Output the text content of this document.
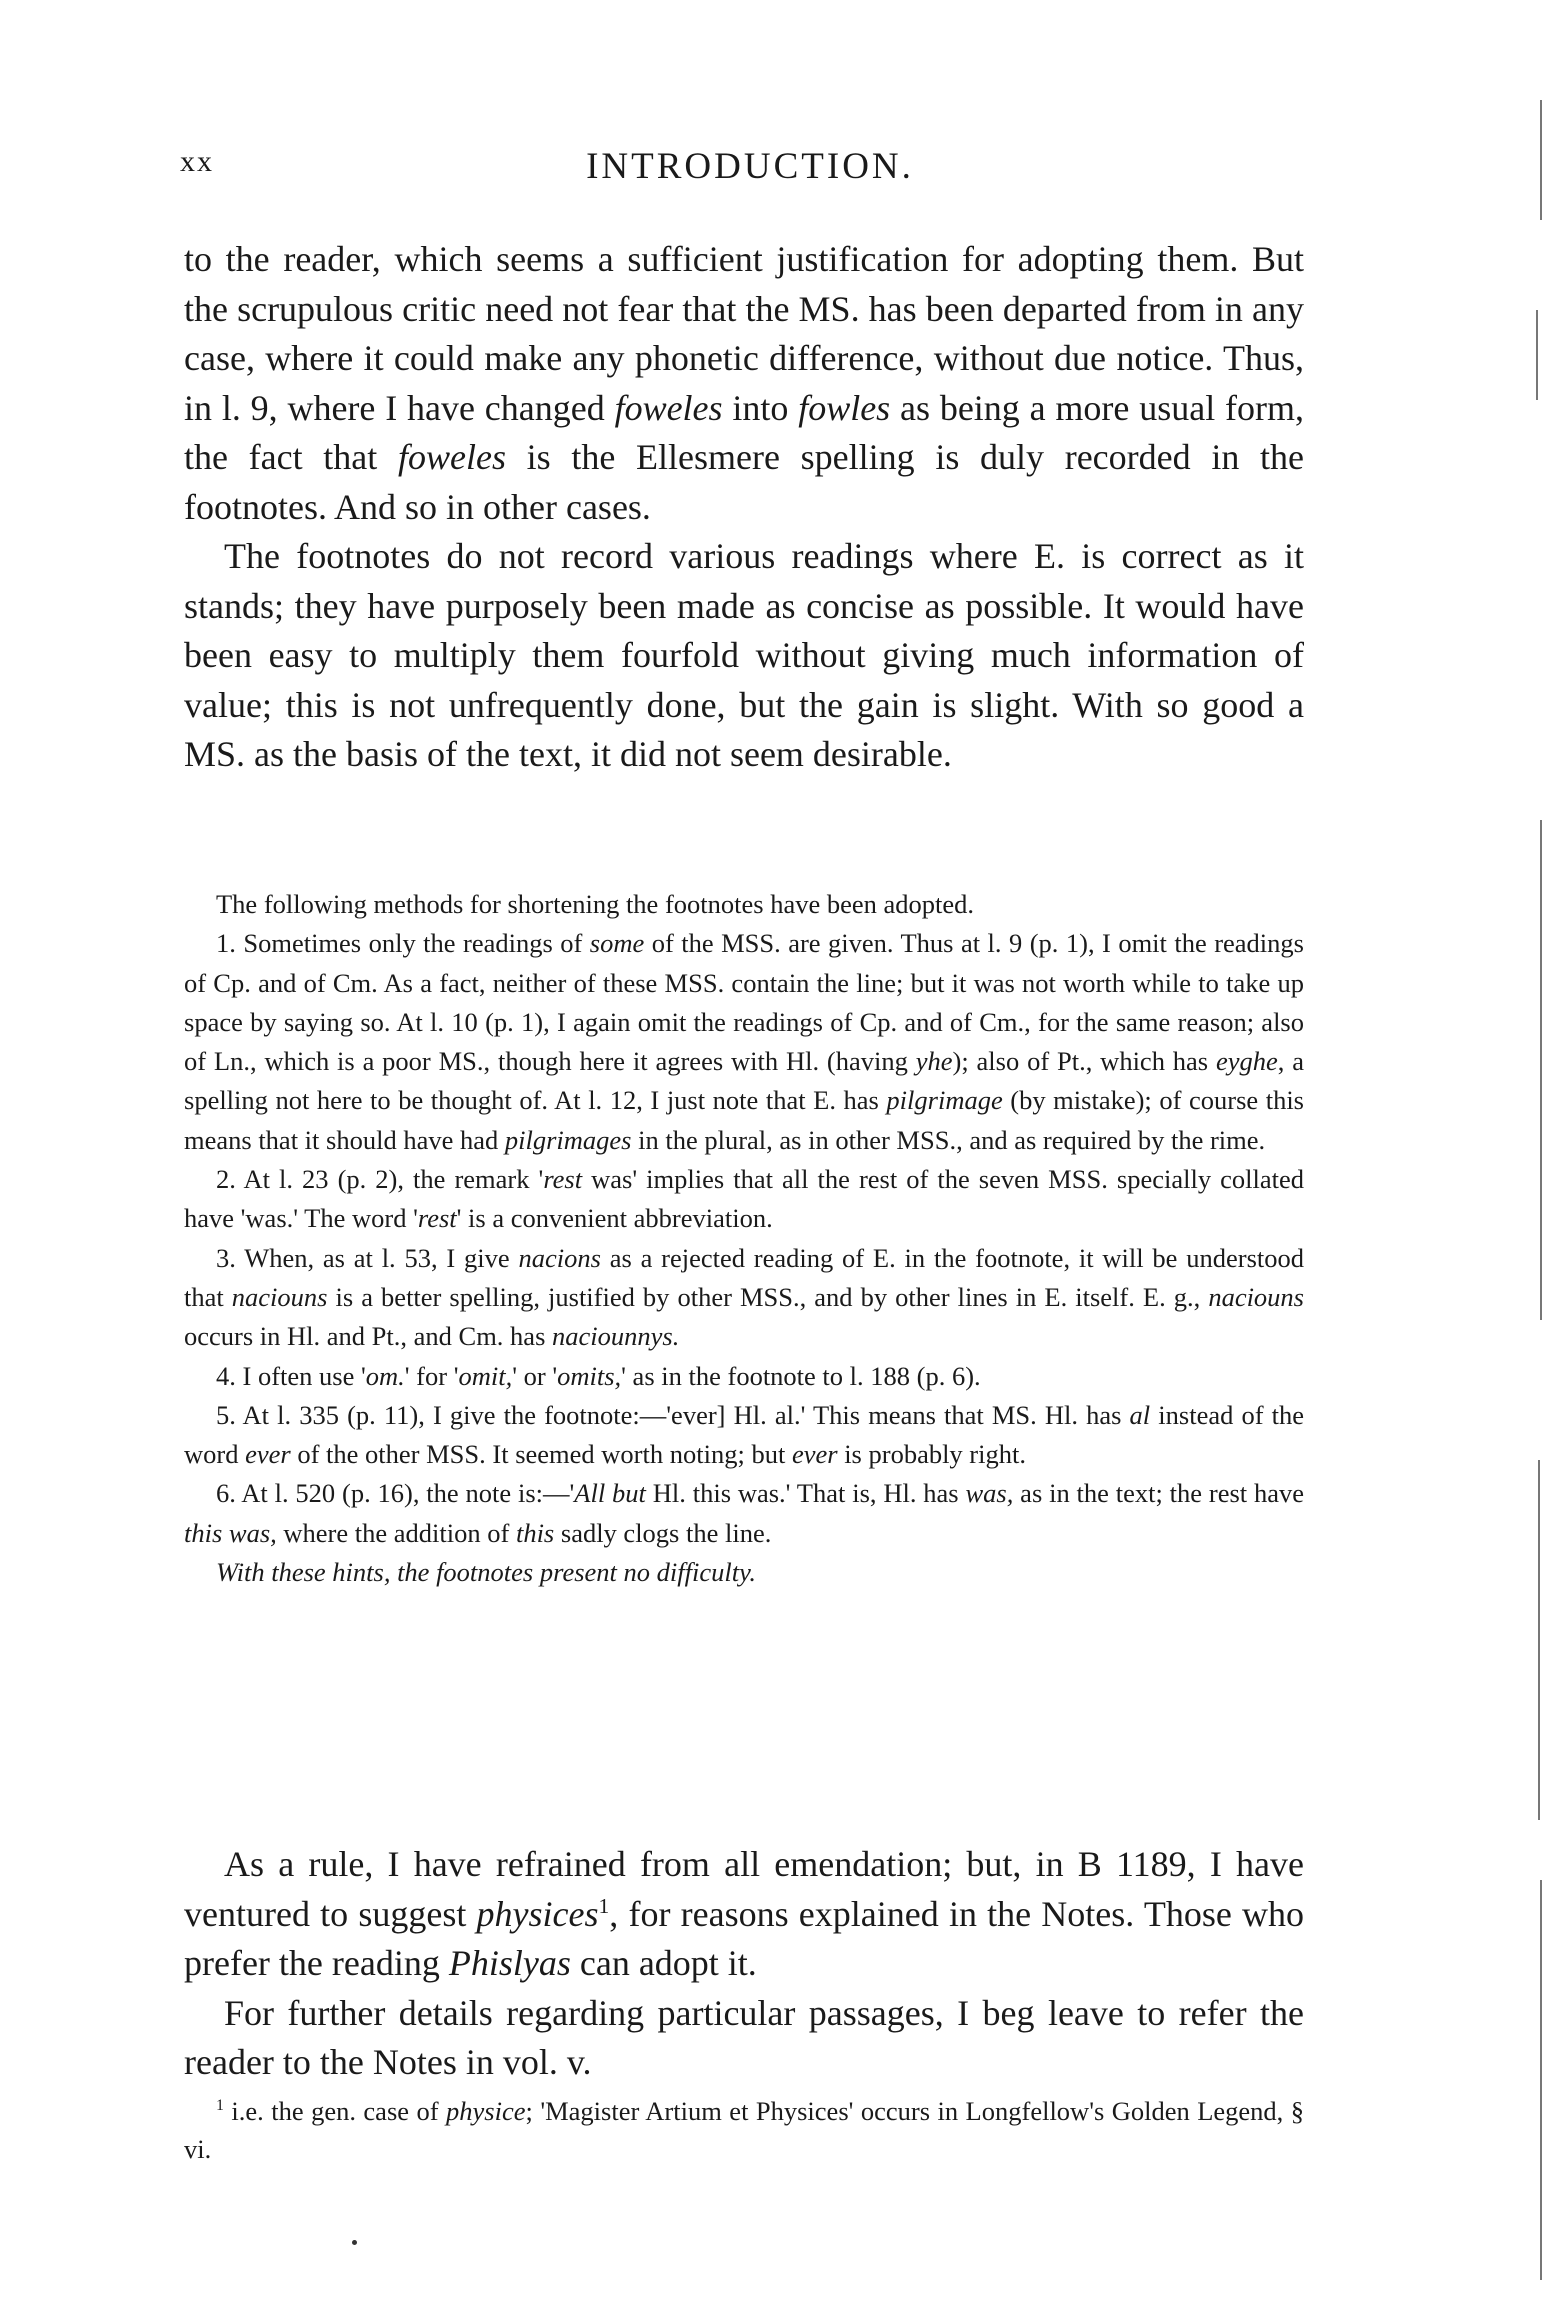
xx	INTRODUCTION.

to the reader, which seems a sufficient justification for adopting them. But the scrupulous critic need not fear that the MS. has been departed from in any case, where it could make any phonetic difference, without due notice. Thus, in l. 9, where I have changed foweles into fowles as being a more usual form, the fact that foweles is the Ellesmere spelling is duly recorded in the footnotes. And so in other cases.

The footnotes do not record various readings where E. is correct as it stands; they have purposely been made as concise as possible. It would have been easy to multiply them fourfold without giving much information of value; this is not unfrequently done, but the gain is slight. With so good a MS. as the basis of the text, it did not seem desirable.

The following methods for shortening the footnotes have been adopted.

1. Sometimes only the readings of some of the MSS. are given. Thus at l. 9 (p. 1), I omit the readings of Cp. and of Cm. As a fact, neither of these MSS. contain the line; but it was not worth while to take up space by saying so. At l. 10 (p. 1), I again omit the readings of Cp. and of Cm., for the same reason; also of Ln., which is a poor MS., though here it agrees with Hl. (having yhe); also of Pt., which has eyghe, a spelling not here to be thought of. At l. 12, I just note that E. has pilgrimage (by mistake); of course this means that it should have had pilgrimages in the plural, as in other MSS., and as required by the rime.

2. At l. 23 (p. 2), the remark 'rest was' implies that all the rest of the seven MSS. specially collated have 'was.' The word 'rest' is a convenient abbreviation.

3. When, as at l. 53, I give nacions as a rejected reading of E. in the footnote, it will be understood that naciouns is a better spelling, justified by other MSS., and by other lines in E. itself. E. g., naciouns occurs in Hl. and Pt., and Cm. has naciounnys.

4. I often use 'om.' for 'omit,' or 'omits,' as in the footnote to l. 188 (p. 6).

5. At l. 335 (p. 11), I give the footnote:—'ever] Hl. al.' This means that MS. Hl. has al instead of the word ever of the other MSS. It seemed worth noting; but ever is probably right.

6. At l. 520 (p. 16), the note is:—'All but Hl. this was.' That is, Hl. has was, as in the text; the rest have this was, where the addition of this sadly clogs the line.

With these hints, the footnotes present no difficulty.

As a rule, I have refrained from all emendation; but, in B 1189, I have ventured to suggest physices$^1$, for reasons explained in the Notes. Those who prefer the reading Phislyas can adopt it.

For further details regarding particular passages, I beg leave to refer the reader to the Notes in vol. v.

$^1$ i.e. the gen. case of physice; 'Magister Artium et Physices' occurs in Longfellow's Golden Legend, § vi.
